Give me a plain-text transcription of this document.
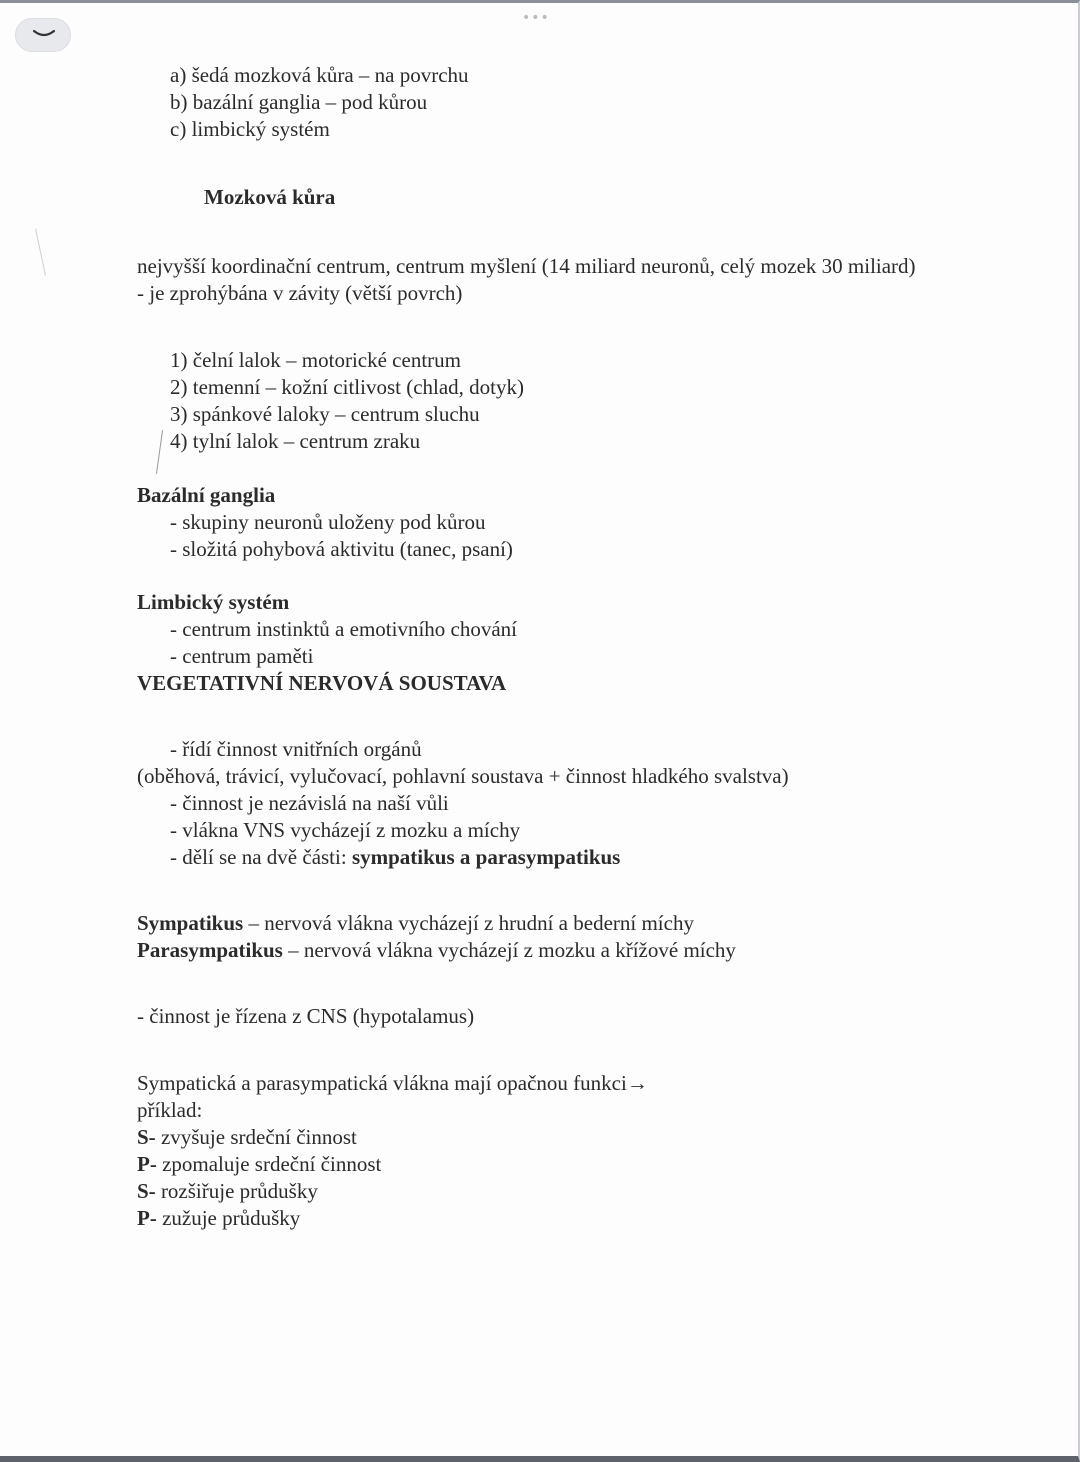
•••
a) šedá mozková kůra – na povrchu
b) bazální ganglia – pod kůrou
c) limbický systém
Mozková kůra
nejvyšší koordinační centrum, centrum myšlení (14 miliard neuronů, celý mozek 30 miliard)
- je zprohýbána v závity (větší povrch)
1) čelní lalok – motorické centrum
2) temenní – kožní citlivost (chlad, dotyk)
3) spánkové laloky – centrum sluchu
4) tylní lalok – centrum zraku
Bazální ganglia
- skupiny neuronů uloženy pod kůrou
- složitá pohybová aktivitu (tanec, psaní)
Limbický systém
- centrum instinktů a emotivního chování
- centrum paměti
VEGETATIVNÍ NERVOVÁ SOUSTAVA
- řídí činnost vnitřních orgánů
(oběhová, trávicí, vylučovací, pohlavní soustava + činnost hladkého svalstva)
- činnost je nezávislá na naší vůli
- vlákna VNS vycházejí z mozku a míchy
- dělí se na dvě části: sympatikus a parasympatikus
Sympatikus – nervová vlákna vycházejí z hrudní a bederní míchy
Parasympatikus – nervová vlákna vycházejí z mozku a křížové míchy
- činnost je řízena z CNS (hypotalamus)
Sympatická a parasympatická vlákna mají opačnou funkci→
příklad:
S- zvyšuje srdeční činnost
P- zpomaluje srdeční činnost
S- rozšiřuje průdušky
P- zužuje průdušky
